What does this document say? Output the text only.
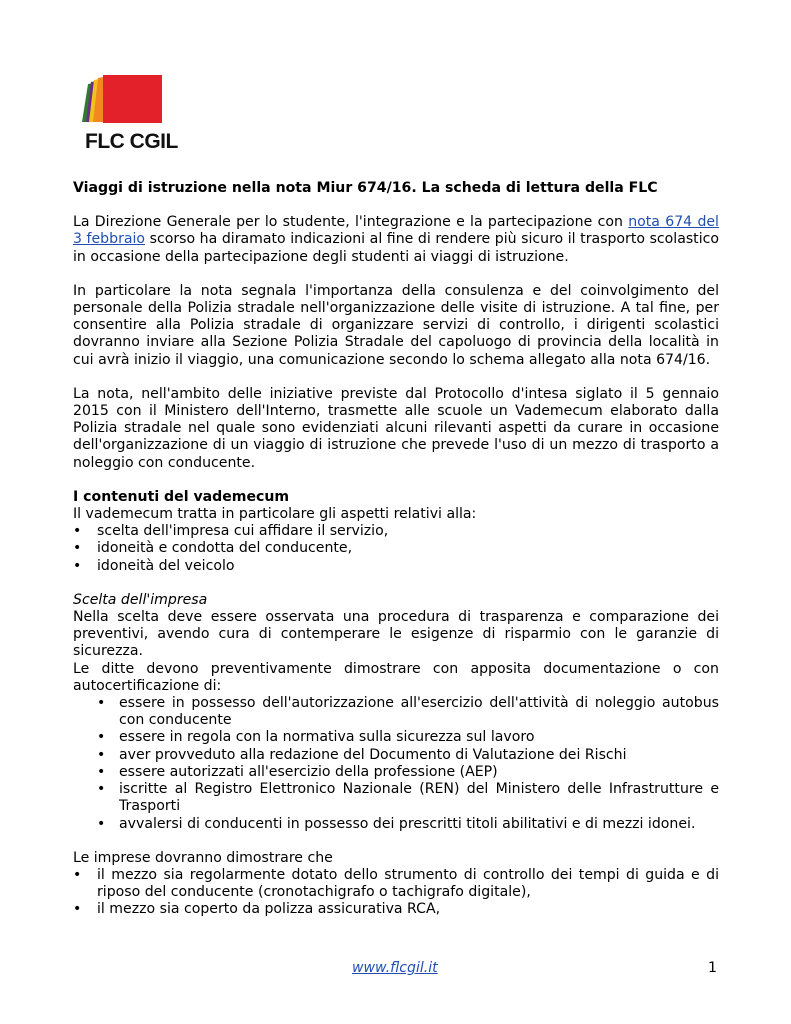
FLC CGIL

Viaggi di istruzione nella nota Miur 674/16. La scheda di lettura della FLC

La Direzione Generale per lo studente, l'integrazione e la partecipazione con nota 674 del 3 febbraio scorso ha diramato indicazioni al fine di rendere più sicuro il trasporto scolastico in occasione della partecipazione degli studenti ai viaggi di istruzione.

In particolare la nota segnala l'importanza della consulenza e del coinvolgimento del personale della Polizia stradale nell'organizzazione delle visite di istruzione. A tal fine, per consentire alla Polizia stradale di organizzare servizi di controllo, i dirigenti scolastici dovranno inviare alla Sezione Polizia Stradale del capoluogo di provincia della località in cui avrà inizio il viaggio, una comunicazione secondo lo schema allegato alla nota 674/16.

La nota, nell'ambito delle iniziative previste dal Protocollo d'intesa siglato il 5 gennaio 2015 con il Ministero dell'Interno, trasmette alle scuole un Vademecum elaborato dalla Polizia stradale nel quale sono evidenziati alcuni rilevanti aspetti da curare in occasione dell'organizzazione di un viaggio di istruzione che prevede l'uso di un mezzo di trasporto a noleggio con conducente.

I contenuti del vademecum

Il vademecum tratta in particolare gli aspetti relativi alla:

• scelta dell'impresa cui affidare il servizio,
• idoneità e condotta del conducente,
• idoneità del veicolo

Scelta dell'impresa

Nella scelta deve essere osservata una procedura di trasparenza e comparazione dei preventivi, avendo cura di contemperare le esigenze di risparmio con le garanzie di sicurezza.

Le ditte devono preventivamente dimostrare con apposita documentazione o con autocertificazione di:

• essere in possesso dell'autorizzazione all'esercizio dell'attività di noleggio autobus con conducente
• essere in regola con la normativa sulla sicurezza sul lavoro
• aver provveduto alla redazione del Documento di Valutazione dei Rischi
• essere autorizzati all'esercizio della professione (AEP)
• iscritte al Registro Elettronico Nazionale (REN) del Ministero delle Infrastrutture e Trasporti
• avvalersi di conducenti in possesso dei prescritti titoli abilitativi e di mezzi idonei.

Le imprese dovranno dimostrare che

• il mezzo sia regolarmente dotato dello strumento di controllo dei tempi di guida e di riposo del conducente (cronotachigrafo o tachigrafo digitale),
• il mezzo sia coperto da polizza assicurativa RCA,
www.flcgil.it	1
